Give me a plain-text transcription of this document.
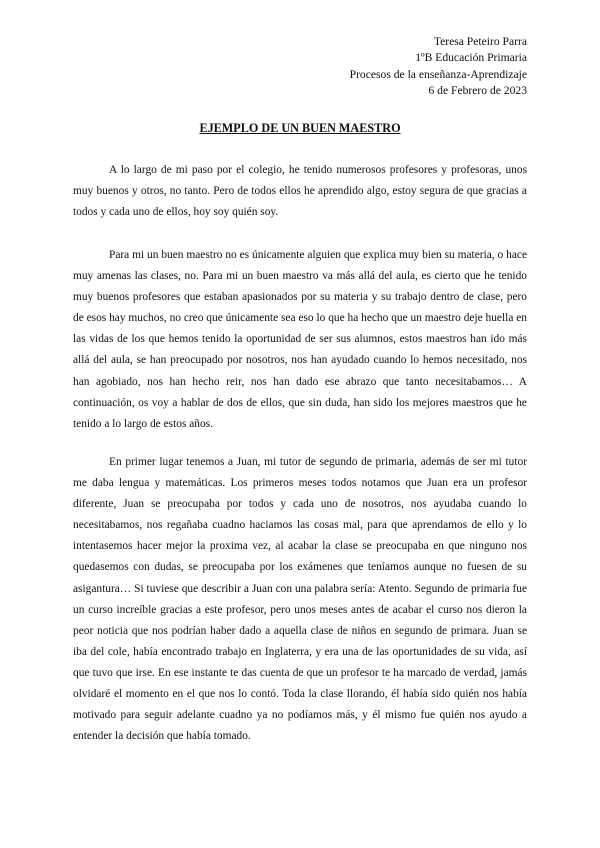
Teresa Peteiro Parra
1ºB Educación Primaria
Procesos de la enseñanza-Aprendizaje
6 de Febrero de 2023
EJEMPLO DE UN BUEN MAESTRO

A lo largo de mi paso por el colegio, he tenido numerosos profesores y profesoras, unos muy buenos y otros, no tanto. Pero de todos ellos he aprendido algo, estoy segura de que gracias a todos y cada uno de ellos, hoy soy quién soy.

Para mi un buen maestro no es únicamente alguien que explica muy bien su materia, o hace muy amenas las clases, no. Para mi un buen maestro va más allá del aula, es cierto que he tenido muy buenos profesores que estaban apasionados por su materia y su trabajo dentro de clase, pero de esos hay muchos, no creo que únicamente sea eso lo que ha hecho que un maestro deje huella en las vidas de los que hemos tenido la oportunidad de ser sus alumnos, estos maestros han ido más allá del aula, se han preocupado por nosotros, nos han ayudado cuando lo hemos necesitado, nos han agobiado, nos han hecho reir, nos han dado ese abrazo que tanto necesitabamos… A continuación, os voy a hablar de dos de ellos, que sin duda, han sido los mejores maestros que he tenido a lo largo de estos años.

En primer lugar tenemos a Juan, mi tutor de segundo de primaria, además de ser mi tutor me daba lengua y matemáticas. Los primeros meses todos notamos que Juan era un profesor diferente, Juan se preocupaba por todos y cada uno de nosotros, nos ayudaba cuando lo necesitabamos, nos regañaba cuadno haciamos las cosas mal, para que aprendamos de ello y lo intentasemos hacer mejor la proxima vez, al acabar la clase se preocupaba en que ninguno nos quedasemos con dudas, se preocupaba por los exámenes que teníamos aunque no fuesen de su asigantura… Si tuviese que describir a Juan con una palabra sería: Atento. Segundo de primaria fue un curso increíble gracias a este profesor, pero unos meses antes de acabar el curso nos dieron la peor noticia que nos podrían haber dado a aquella clase de niños en segundo de primara. Juan se iba del cole, había encontrado trabajo en Inglaterra, y era una de las oportunidades de su vida, así que tuvo que irse. En ese instante te das cuenta de que un profesor te ha marcado de verdad, jamás olvidaré el momento en el que nos lo contó. Toda la clase llorando, él había sido quién nos había motivado para seguir adelante cuadno ya no podíamos más, y él mismo fue quién nos ayudo a entender la decisión que había tomado.
